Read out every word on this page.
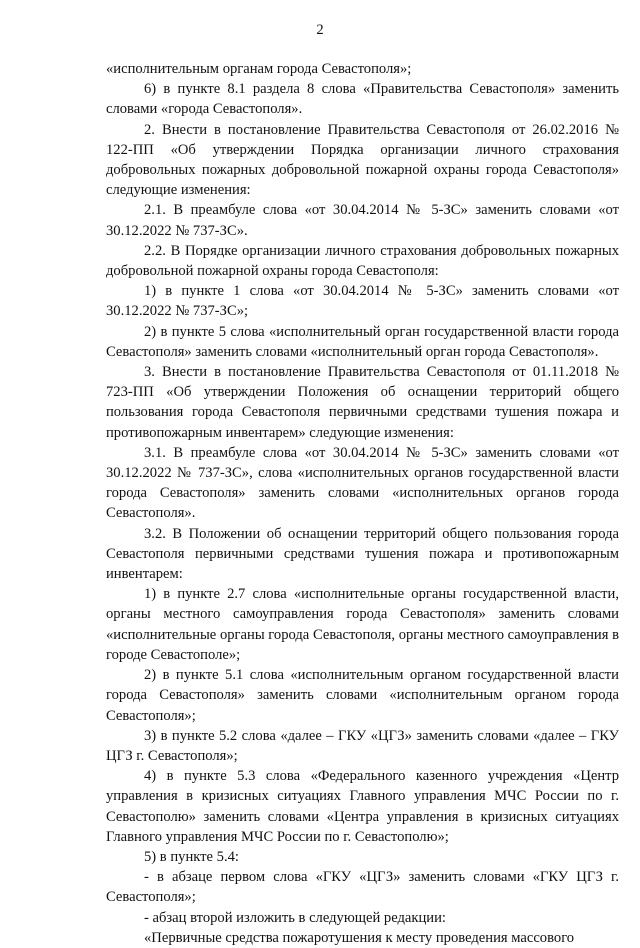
2

«исполнительным органам города Севастополя»;

6) в пункте 8.1 раздела 8 слова «Правительства Севастополя» заменить словами «города Севастополя».

2. Внести в постановление Правительства Севастополя от 26.02.2016 № 122-ПП «Об утверждении Порядка организации личного страхования добровольных пожарных добровольной пожарной охраны города Севастополя» следующие изменения:

2.1. В преамбуле слова «от 30.04.2014 № 5-ЗС» заменить словами «от 30.12.2022 № 737-ЗС».

2.2. В Порядке организации личного страхования добровольных пожарных добровольной пожарной охраны города Севастополя:

1) в пункте 1 слова «от 30.04.2014 № 5-ЗС» заменить словами «от 30.12.2022 № 737-ЗС»;

2) в пункте 5 слова «исполнительный орган государственной власти города Севастополя» заменить словами «исполнительный орган города Севастополя».

3. Внести в постановление Правительства Севастополя от 01.11.2018 № 723-ПП «Об утверждении Положения об оснащении территорий общего пользования города Севастополя первичными средствами тушения пожара и противопожарным инвентарем» следующие изменения:

3.1. В преамбуле слова «от 30.04.2014 № 5-ЗС» заменить словами «от 30.12.2022 № 737-ЗС», слова «исполнительных органов государственной власти города Севастополя» заменить словами «исполнительных органов города Севастополя».

3.2. В Положении об оснащении территорий общего пользования города Севастополя первичными средствами тушения пожара и противопожарным инвентарем:

1) в пункте 2.7 слова «исполнительные органы государственной власти, органы местного самоуправления города Севастополя» заменить словами «исполнительные органы города Севастополя, органы местного самоуправления в городе Севастополе»;

2) в пункте 5.1 слова «исполнительным органом государственной власти города Севастополя» заменить словами «исполнительным органом города Севастополя»;

3) в пункте 5.2 слова «далее – ГКУ «ЦГЗ» заменить словами «далее – ГКУ ЦГЗ г. Севастополя»;

4) в пункте 5.3 слова «Федерального казенного учреждения «Центр управления в кризисных ситуациях Главного управления МЧС России по г. Севастополю» заменить словами «Центра управления в кризисных ситуациях Главного управления МЧС России по г. Севастополю»;

5) в пункте 5.4:

- в абзаце первом слова «ГКУ «ЦГЗ» заменить словами «ГКУ ЦГЗ г. Севастополя»;

- абзац второй изложить в следующей редакции:

«Первичные средства пожаротушения к месту проведения массового
